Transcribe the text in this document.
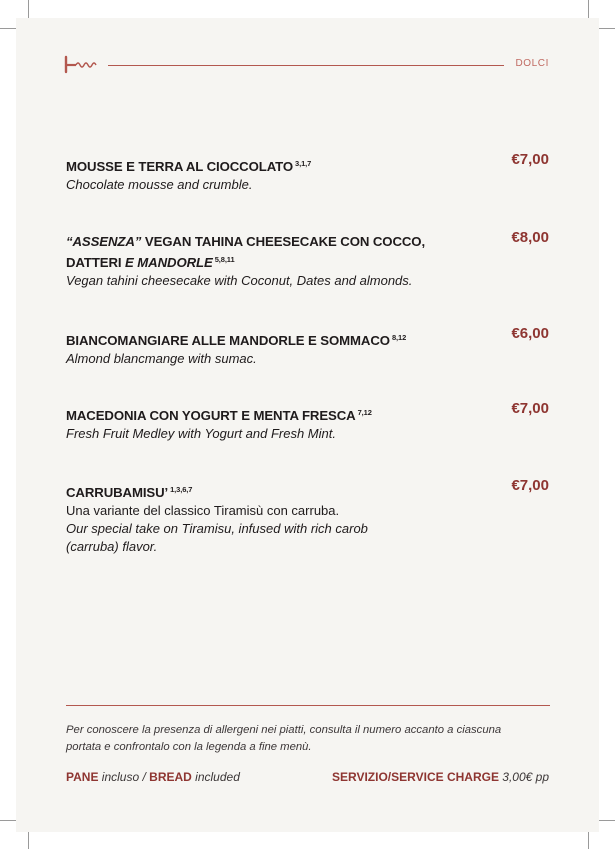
DOLCI
MOUSSE E TERRA AL CIOCCOLATO $^{3,1,7}$	€7,00
Chocolate mousse and crumble.
“ASSENZA” VEGAN TAHINA CHEESECAKE CON COCCO,
DATTERI E MANDORLE $^{5,8,11}$
€8,00
Vegan tahini cheesecake with Coconut, Dates and almonds.
BIANCOMANGIARE ALLE MANDORLE E SOMMACO $^{8,12}$	€6,00
Almond blancmange with sumac.
MACEDONIA CON YOGURT E MENTA FRESCA $^{7,12}$	€7,00
Fresh Fruit Medley with Yogurt and Fresh Mint.
CARRUBAMISU’ $^{1,3,6,7}$	€7,00
Una variante del classico Tiramisù con carruba.
Our special take on Tiramisu, infused with rich carob
(carruba) flavor.
Per conoscere la presenza di allergeni nei piatti, consulta il numero accanto a ciascuna
portata e confrontalo con la legenda a fine menù.
PANE incluso / BREAD included	SERVIZIO/SERVICE CHARGE 3,00€ pp
